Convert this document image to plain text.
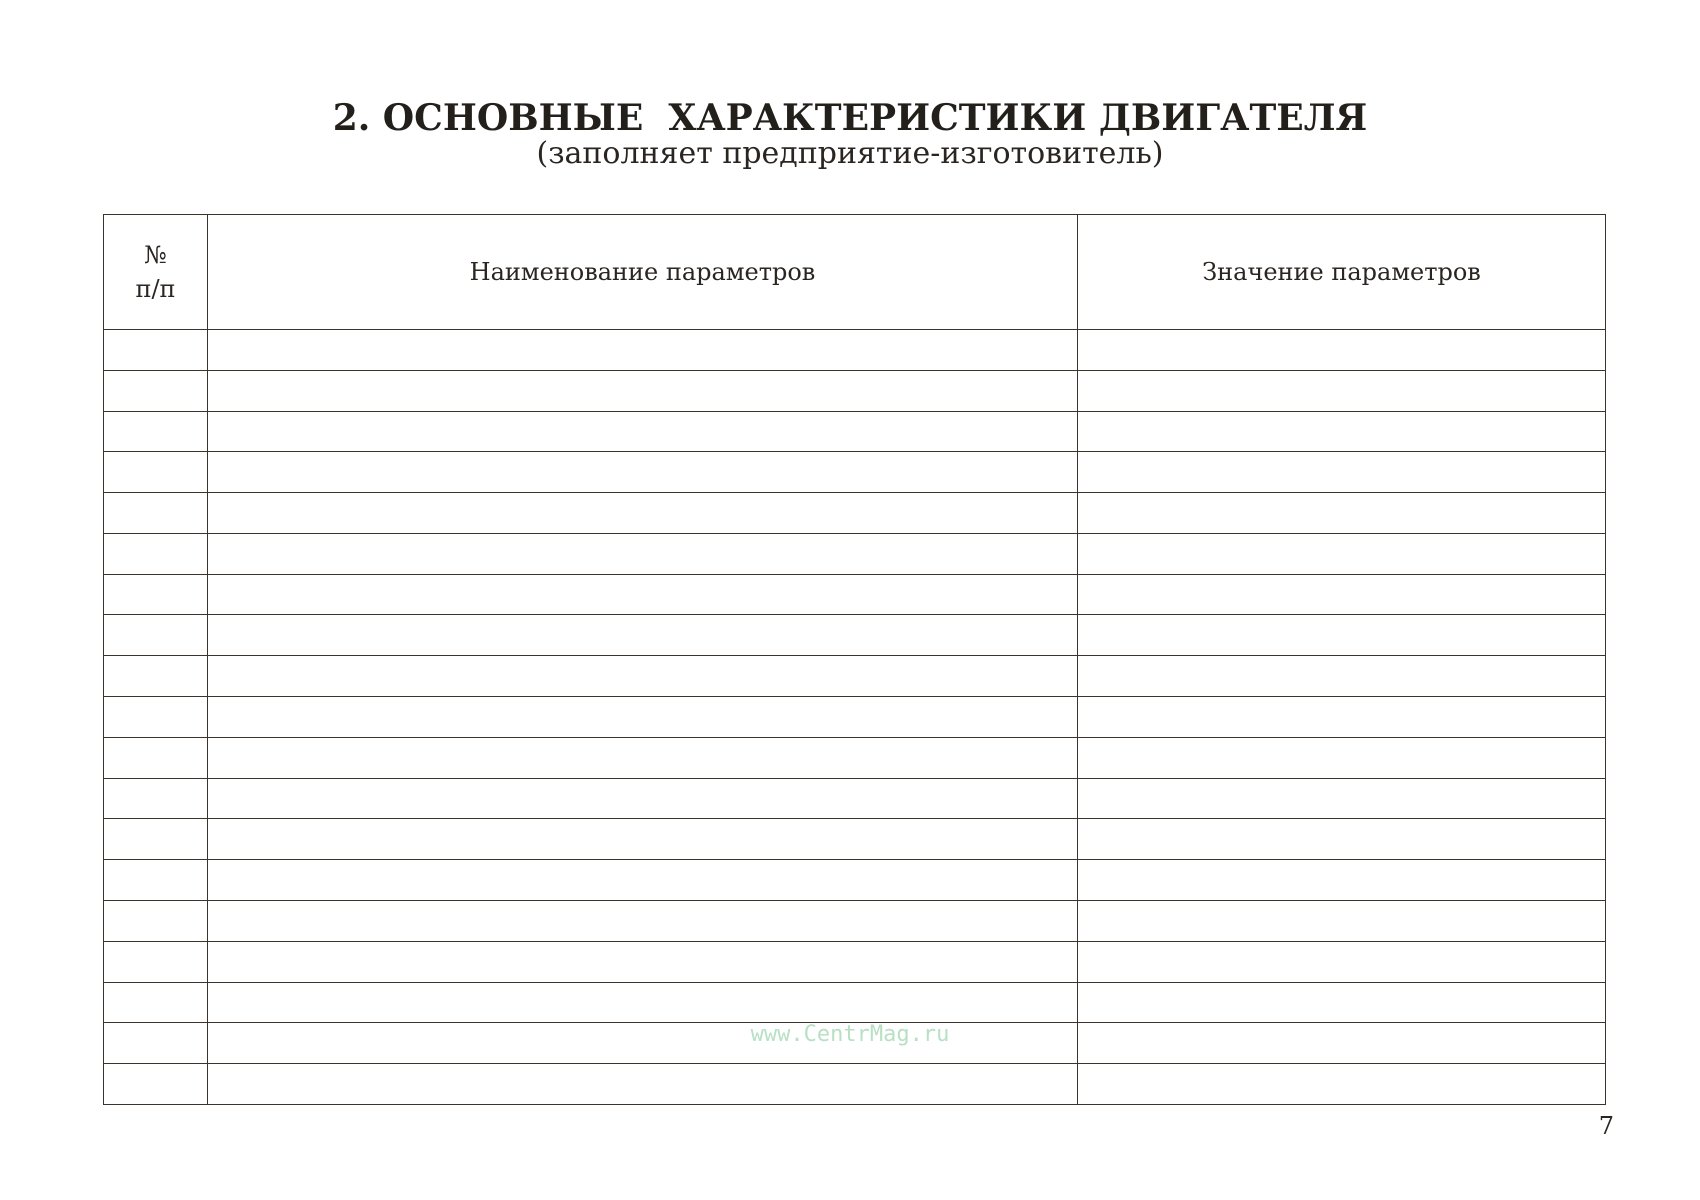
2. ОСНОВНЫЕ  ХАРАКТЕРИСТИКИ ДВИГАТЕЛЯ
(заполняет предприятие-изготовитель)
№
п/п	Наименование параметров	Значение параметров

www.CentrMag.ru
7
